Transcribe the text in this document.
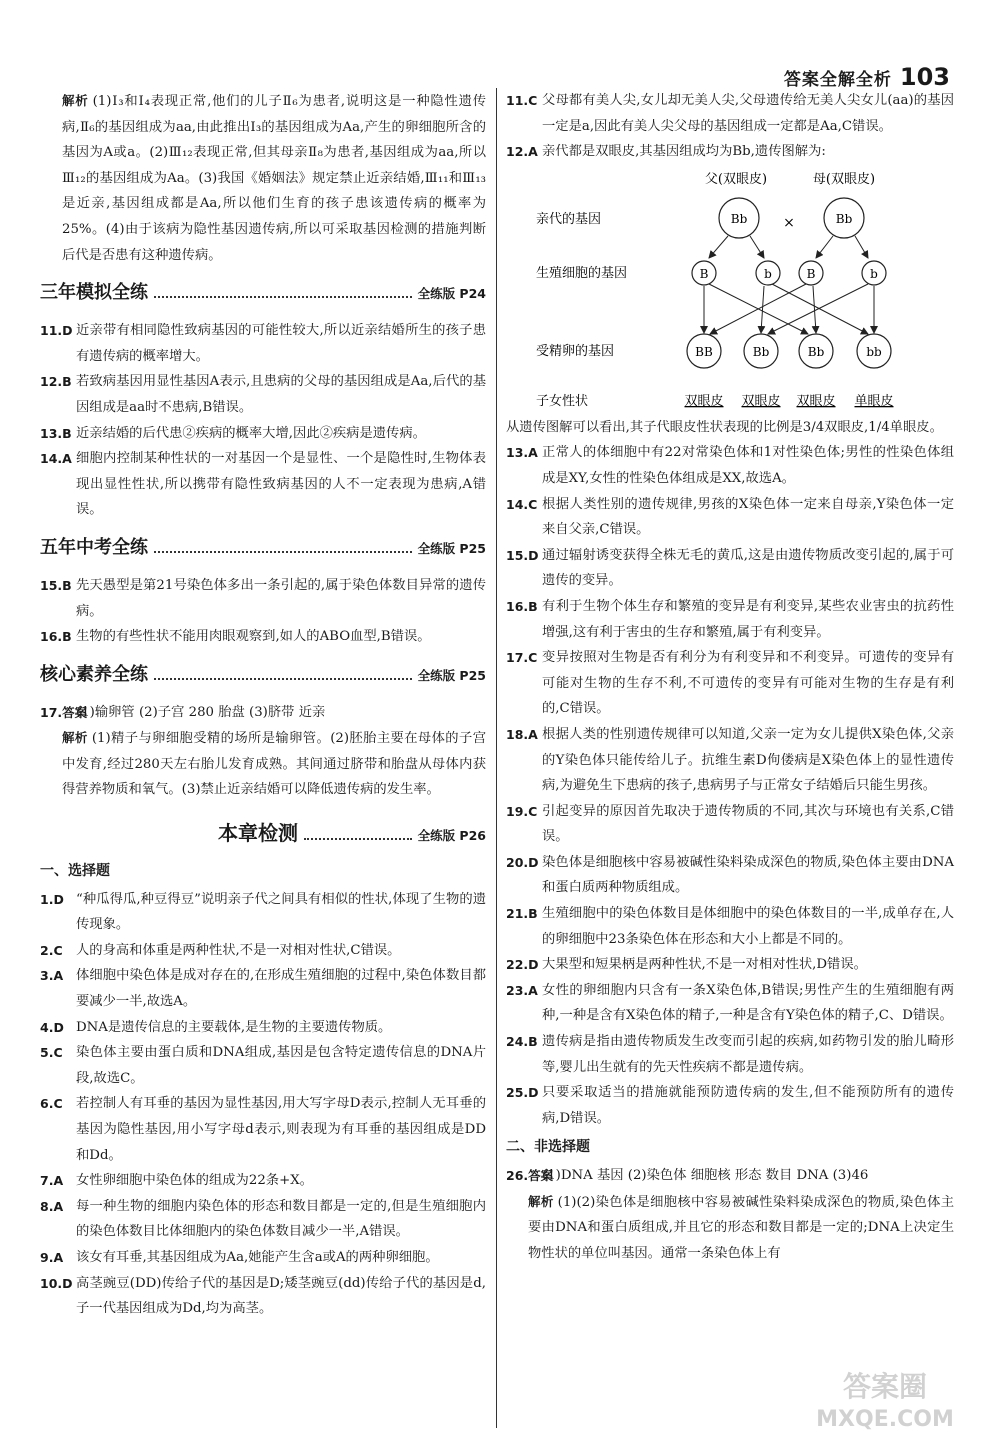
答案全解全析 103
解析 (1)Ⅰ₃和Ⅰ₄表现正常,他们的儿子Ⅱ₆为患者,说明这是一种隐性遗传病,Ⅱ₆的基因组成为aa,由此推出Ⅰ₃的基因组成为Aa,产生的卵细胞所含的基因为A或a。(2)Ⅲ₁₂表现正常,但其母亲Ⅱ₈为患者,基因组成为aa,所以Ⅲ₁₂的基因组成为Aa。(3)我国《婚姻法》规定禁止近亲结婚,Ⅲ₁₁和Ⅲ₁₃是近亲,基因组成都是Aa,所以他们生育的孩子患该遗传病的概率为25%。(4)由于该病为隐性基因遗传病,所以可采取基因检测的措施判断后代是否患有这种遗传病。
三年模拟全练	全练版 P24
11.D 近亲带有相同隐性致病基因的可能性较大,所以近亲结婚所生的孩子患有遗传病的概率增大。
12.B 若致病基因用显性基因A表示,且患病的父母的基因组成是Aa,后代的基因组成是aa时不患病,B错误。
13.B 近亲结婚的后代患②疾病的概率大增,因此②疾病是遗传病。
14.A 细胞内控制某种性状的一对基因一个是显性、一个是隐性时,生物体表现出显性性状,所以携带有隐性致病基因的人不一定表现为患病,A错误。
五年中考全练	全练版 P25
15.B 先天愚型是第21号染色体多出一条引起的,属于染色体数目异常的遗传病。
16.B 生物的有些性状不能用肉眼观察到,如人的ABO血型,B错误。
核心素养全练	全练版 P25
17.答案
(1)输卵管 (2)子宫 280 胎盘 (3)脐带 近亲
解析 (1)精子与卵细胞受精的场所是输卵管。(2)胚胎主要在母体的子宫中发育,经过280天左右胎儿发育成熟。其间通过脐带和胎盘从母体内获得营养物质和氧气。(3)禁止近亲结婚可以降低遗传病的发生率。
本章检测	全练版 P26
一、选择题
1.D “种瓜得瓜,种豆得豆”说明亲子代之间具有相似的性状,体现了生物的遗传现象。
2.C 人的身高和体重是两种性状,不是一对相对性状,C错误。
3.A 体细胞中染色体是成对存在的,在形成生殖细胞的过程中,染色体数目都要减少一半,故选A。
4.D DNA是遗传信息的主要载体,是生物的主要遗传物质。
5.C 染色体主要由蛋白质和DNA组成,基因是包含特定遗传信息的DNA片段,故选C。
6.C 若控制人有耳垂的基因为显性基因,用大写字母D表示,控制人无耳垂的基因为隐性基因,用小写字母d表示,则表现为有耳垂的基因组成是DD和Dd。
7.A 女性卵细胞中染色体的组成为22条+X。
8.A 每一种生物的细胞内染色体的形态和数目都是一定的,但是生殖细胞内的染色体数目比体细胞内的染色体数目减少一半,A错误。
9.A 该女有耳垂,其基因组成为Aa,她能产生含a或A的两种卵细胞。
10.D 高茎豌豆(DD)传给子代的基因是D;矮茎豌豆(dd)传给子代的基因是d,子一代基因组成为Dd,均为高茎。
11.C 父母都有美人尖,女儿却无美人尖,父母遗传给无美人尖女儿(aa)的基因一定是a,因此有美人尖父母的基因组成一定都是Aa,C错误。
12.A 亲代都是双眼皮,其基因组成均为Bb,遗传图解为:
父(双眼皮)	母(双眼皮)
亲代的基因
生殖细胞的基因
受精卵的基因
子女性状
Bb	×	Bb
B	b	B	b
BB	Bb	Bb	bb
双眼皮 双眼皮 双眼皮 单眼皮
从遗传图解可以看出,其子代眼皮性状表现的比例是3/4双眼皮,1/4单眼皮。
13.A 正常人的体细胞中有22对常染色体和1对性染色体;男性的性染色体组成是XY,女性的性染色体组成是XX,故选A。
14.C 根据人类性别的遗传规律,男孩的X染色体一定来自母亲,Y染色体一定来自父亲,C错误。
15.D 通过辐射诱变获得全株无毛的黄瓜,这是由遗传物质改变引起的,属于可遗传的变异。
16.B 有利于生物个体生存和繁殖的变异是有利变异,某些农业害虫的抗药性增强,这有利于害虫的生存和繁殖,属于有利变异。
17.C 变异按照对生物是否有利分为有利变异和不利变异。可遗传的变异有可能对生物的生存不利,不可遗传的变异有可能对生物的生存是有利的,C错误。
18.A 根据人类的性别遗传规律可以知道,父亲一定为女儿提供X染色体,父亲的Y染色体只能传给儿子。抗维生素D佝偻病是X染色体上的显性遗传病,为避免生下患病的孩子,患病男子与正常女子结婚后只能生男孩。
19.C 引起变异的原因首先取决于遗传物质的不同,其次与环境也有关系,C错误。
20.D 染色体是细胞核中容易被碱性染料染成深色的物质,染色体主要由DNA和蛋白质两种物质组成。
21.B 生殖细胞中的染色体数目是体细胞中的染色体数目的一半,成单存在,人的卵细胞中23条染色体在形态和大小上都是不同的。
22.D 大果型和短果柄是两种性状,不是一对相对性状,D错误。
23.A 女性的卵细胞内只含有一条X染色体,B错误;男性产生的生殖细胞有两种,一种是含有X染色体的精子,一种是含有Y染色体的精子,C、D错误。
24.B 遗传病是指由遗传物质发生改变而引起的疾病,如药物引发的胎儿畸形等,婴儿出生就有的先天性疾病不都是遗传病。
25.D 只要采取适当的措施就能预防遗传病的发生,但不能预防所有的遗传病,D错误。
二、非选择题
26.答案
(1)DNA 基因 (2)染色体 细胞核 形态 数目 DNA (3)46
解析 (1)(2)染色体是细胞核中容易被碱性染料染成深色的物质,染色体主要由DNA和蛋白质组成,并且它的形态和数目都是一定的;DNA上决定生物性状的单位叫基因。通常一条染色体上有
答案圈
MXQE.COM
